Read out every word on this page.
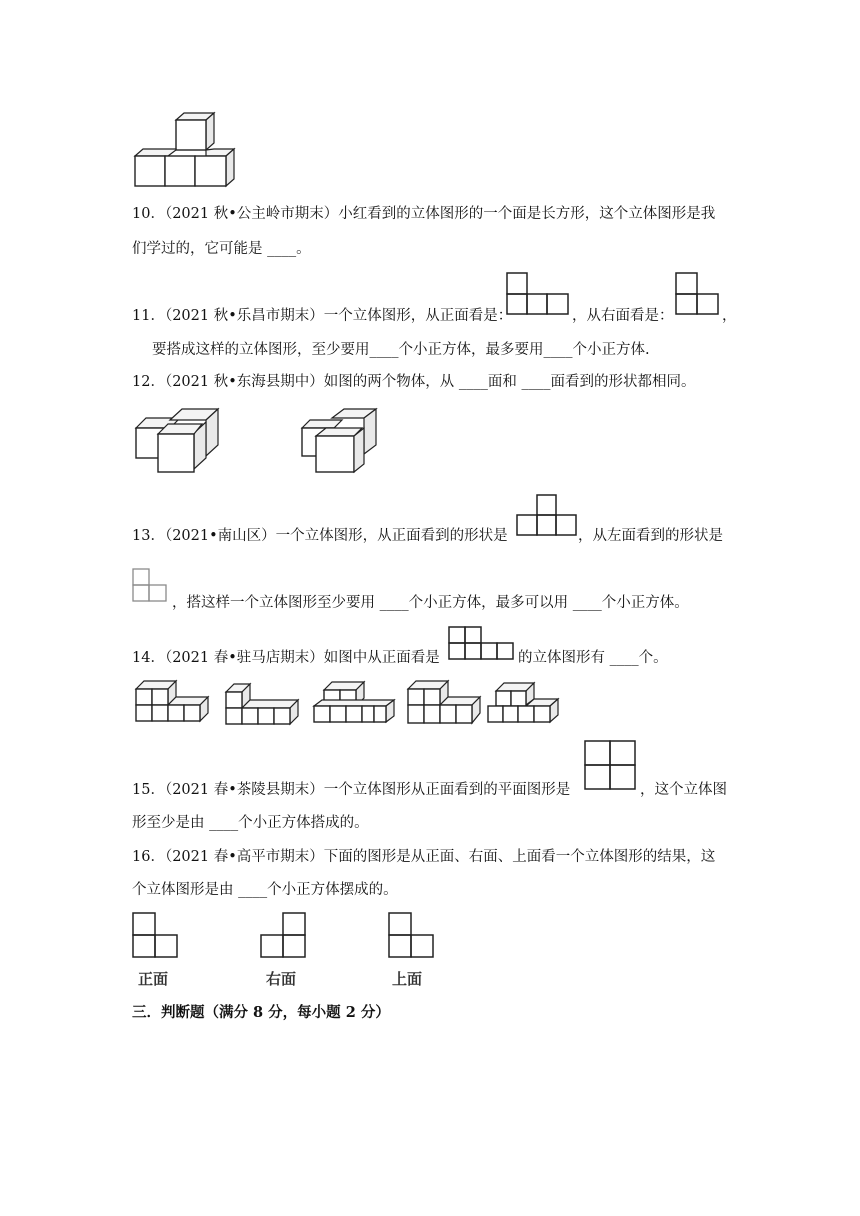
10．（2021 秋•公主岭市期末）小红看到的立体图形的一个面是长方形，这个立体图形是我
们学过的，它可能是 ____。
11．（2021 秋•乐昌市期末）一个立体图形，从正面看是：	，从右面看是：	，
要搭成这样的立体图形，至少要用____个小正方体，最多要用____个小正方体.
12．（2021 秋•东海县期中）如图的两个物体，从 ____面和 ____面看到的形状都相同。
13．（2021•南山区）一个立体图形，从正面看到的形状是	，从左面看到的形状是
，搭这样一个立体图形至少要用 ____个小正方体，最多可以用 ____个小正方体。
14．（2021 春•驻马店期末）如图中从正面看是	的立体图形有 ____个。
15．（2021 春•茶陵县期末）一个立体图形从正面看到的平面图形是	，这个立体图
形至少是由 ____个小正方体搭成的。
16．（2021 春•高平市期末）下面的图形是从正面、右面、上面看一个立体图形的结果，这
个立体图形是由 ____个小正方体摆成的。
正面	右面	上面
三．判断题（满分 8 分，每小题 2 分）
